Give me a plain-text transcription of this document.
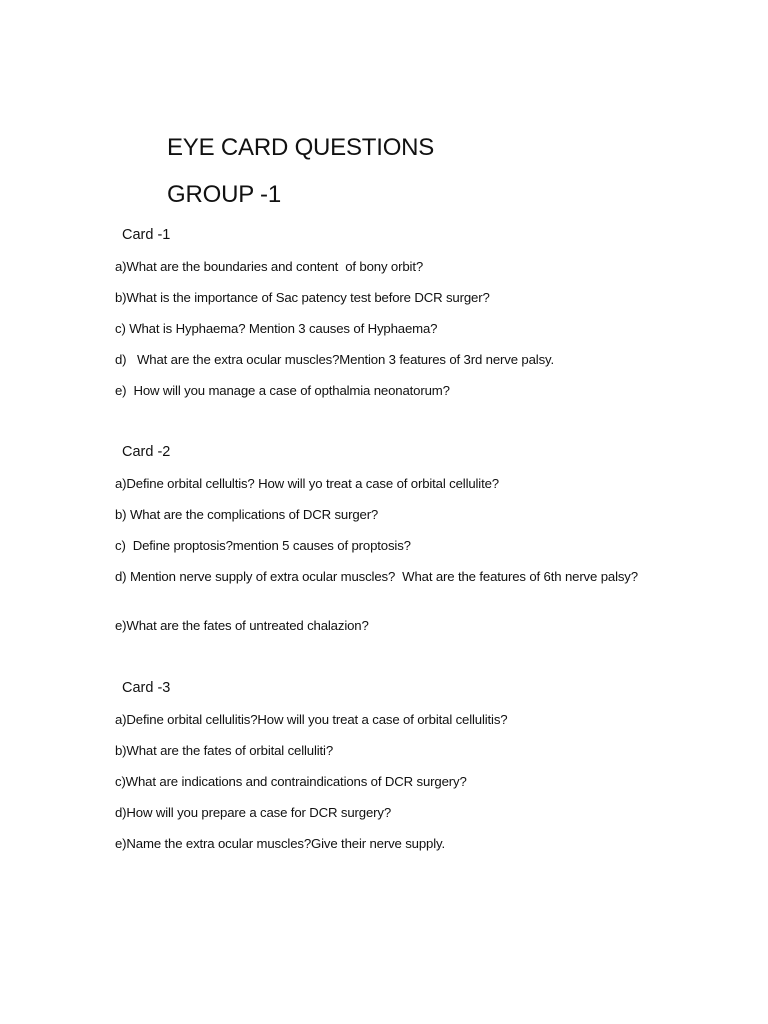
EYE CARD QUESTIONS
GROUP -1
Card -1
a)What are the boundaries and content  of bony orbit?
b)What is the importance of Sac patency test before DCR surger?
c) What is Hyphaema? Mention 3 causes of Hyphaema?
d)   What are the extra ocular muscles?Mention 3 features of 3rd nerve palsy.
e)  How will you manage a case of opthalmia neonatorum?
Card -2
a)Define orbital cellultis? How will yo treat a case of orbital cellulite?
b) What are the complications of DCR surger?
c)  Define proptosis?mention 5 causes of proptosis?
d) Mention nerve supply of extra ocular muscles?  What are the features of 6th nerve palsy?
e)What are the fates of untreated chalazion?
Card -3
a)Define orbital cellulitis?How will you treat a case of orbital cellulitis?
b)What are the fates of orbital celluliti?
c)What are indications and contraindications of DCR surgery?
d)How will you prepare a case for DCR surgery?
e)Name the extra ocular muscles?Give their nerve supply.
